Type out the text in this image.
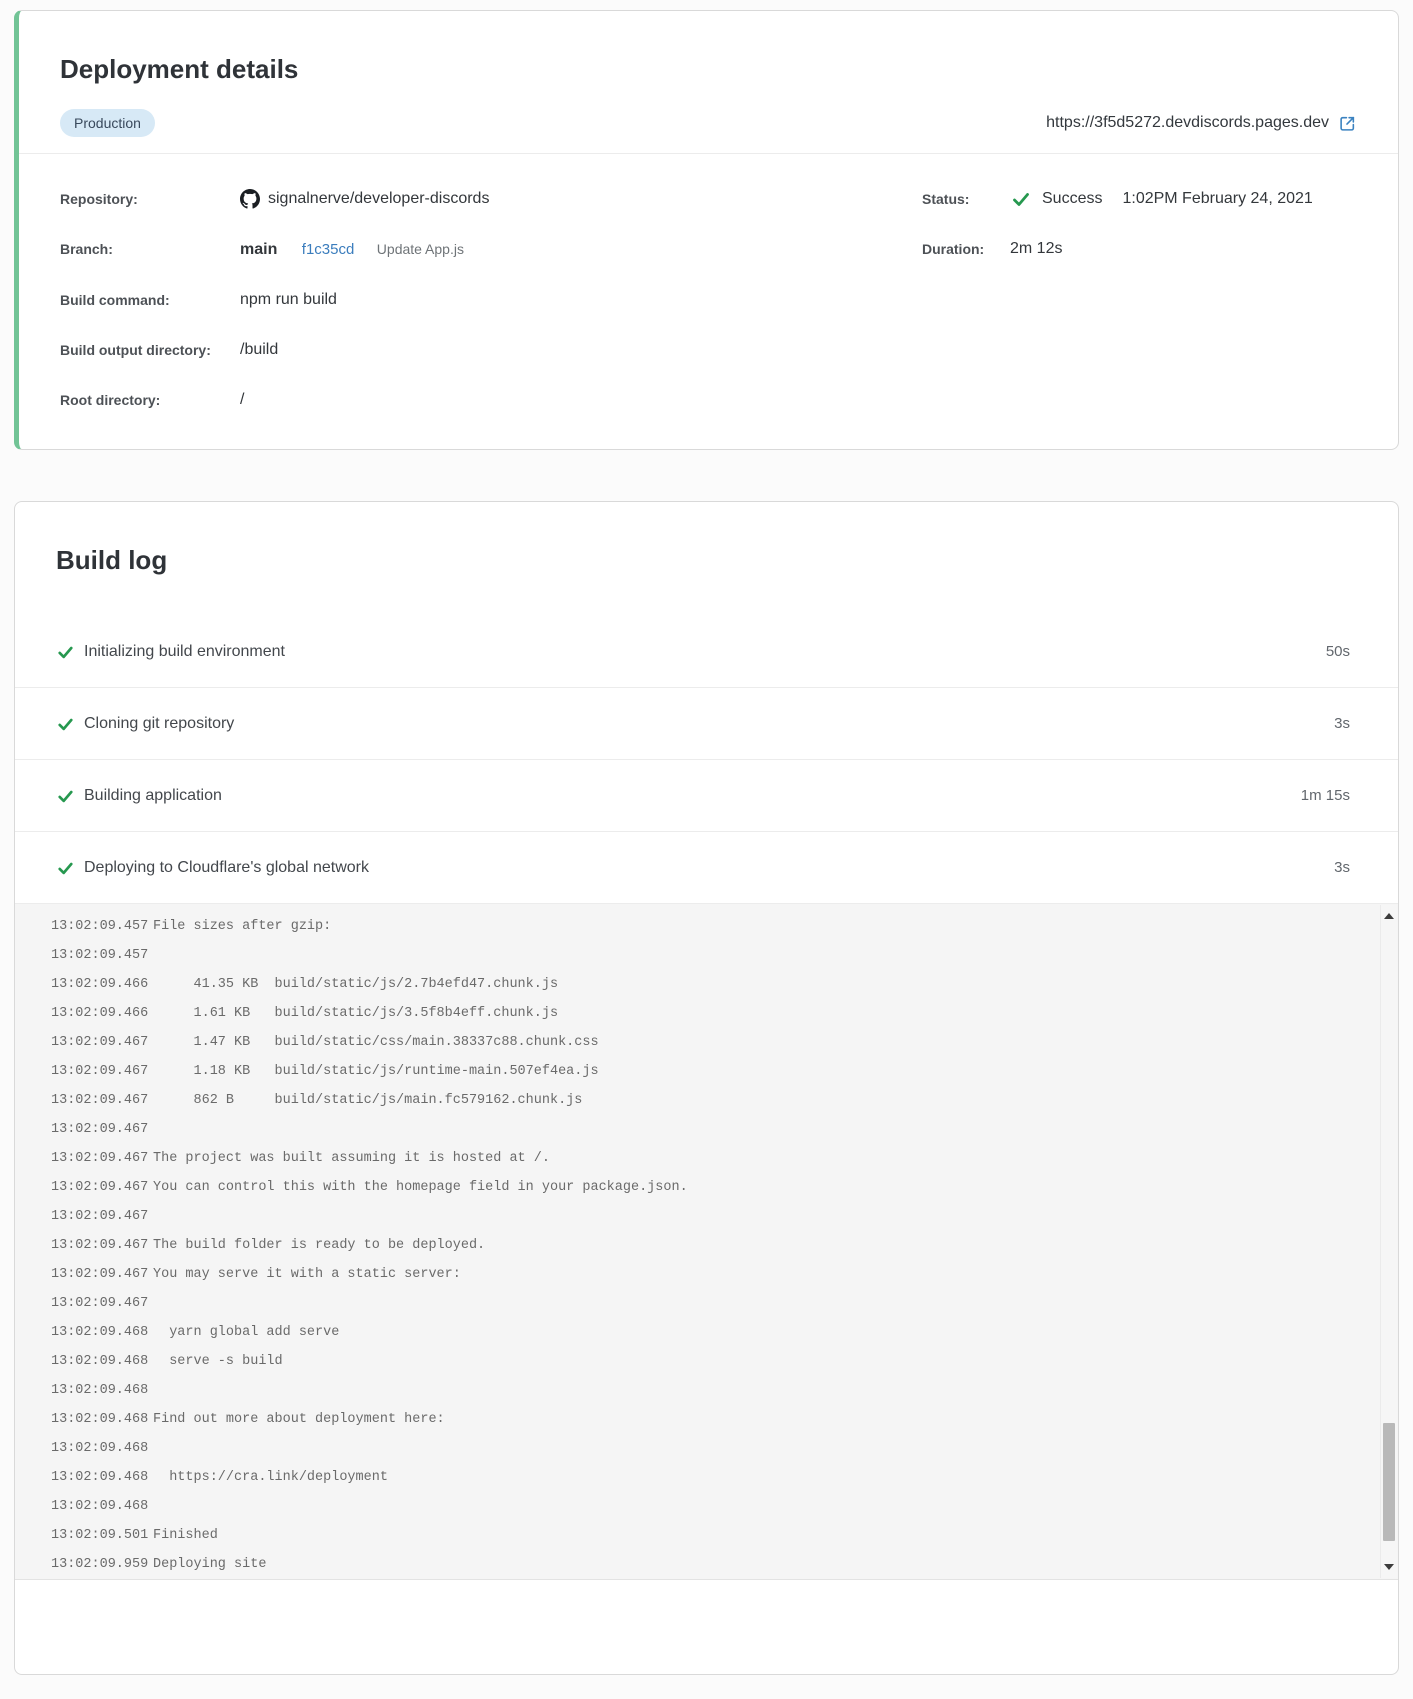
Deployment details
Production	https://3f5d5272.devdiscords.pages.dev
Repository:	signalnerve/developer-discords
Branch:	main f1c35cd Update App.js
Build command:	npm run build
Build output directory:	/build
Root directory:	/
Status:	Success 1:02PM February 24, 2021
Duration:	2m 12s
Build log
Initializing build environment	50s
Cloning git repository	3s
Building application	1m 15s
Deploying to Cloudflare's global network	3s
13:02:09.457 File sizes after gzip:
13:02:09.457
13:02:09.466 41.35 KB  build/static/js/2.7b4efd47.chunk.js
13:02:09.466 1.61 KB   build/static/js/3.5f8b4eff.chunk.js
13:02:09.467 1.47 KB   build/static/css/main.38337c88.chunk.css
13:02:09.467 1.18 KB   build/static/js/runtime-main.507ef4ea.js
13:02:09.467 862 B     build/static/js/main.fc579162.chunk.js
13:02:09.467
13:02:09.467 The project was built assuming it is hosted at /.
13:02:09.467 You can control this with the homepage field in your package.json.
13:02:09.467
13:02:09.467 The build folder is ready to be deployed.
13:02:09.467 You may serve it with a static server:
13:02:09.467
13:02:09.468 yarn global add serve
13:02:09.468 serve -s build
13:02:09.468
13:02:09.468 Find out more about deployment here:
13:02:09.468
13:02:09.468 https://cra.link/deployment
13:02:09.468
13:02:09.501 Finished
13:02:09.959 Deploying site
